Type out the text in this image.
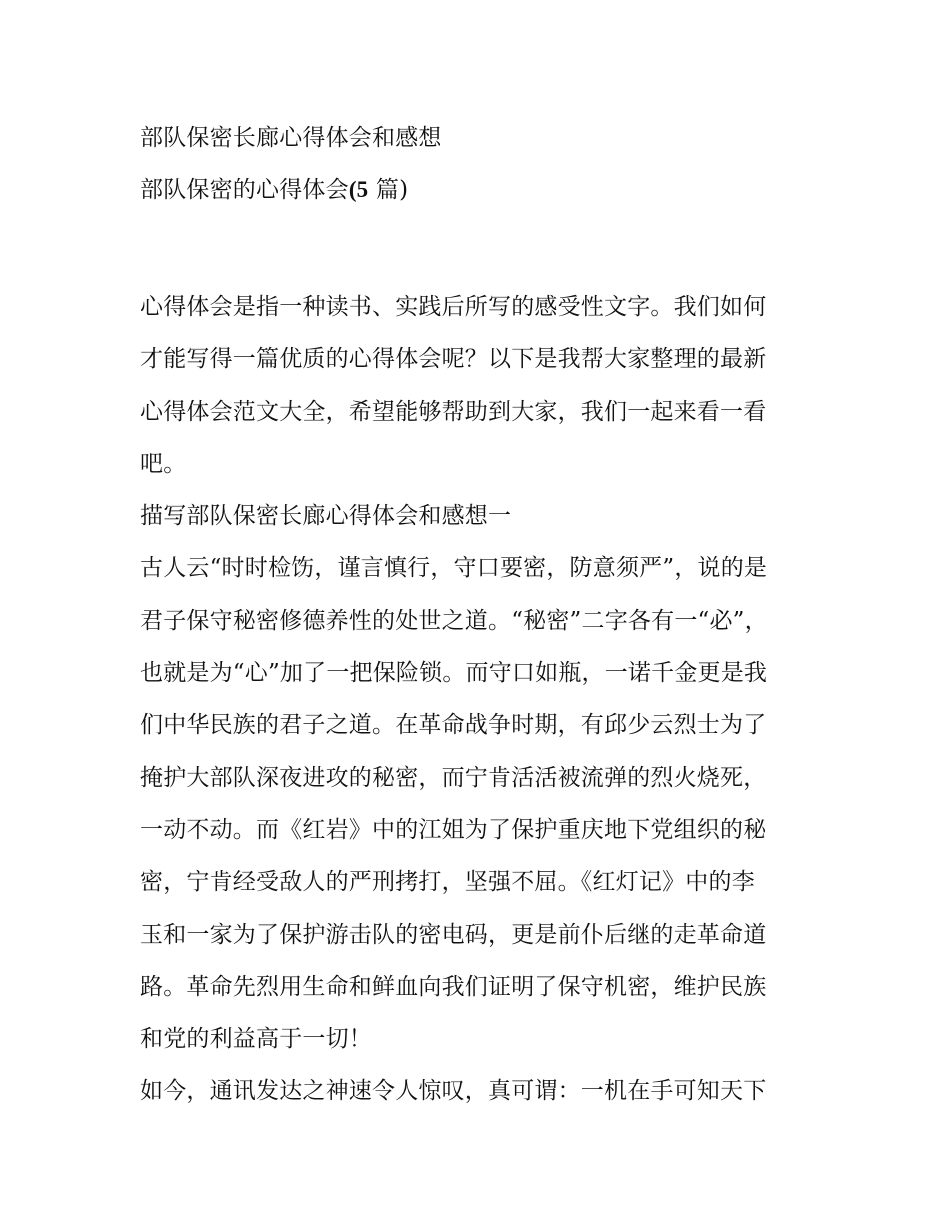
部队保密长廊心得体会和感想
部队保密的心得体会(5 篇)
心得体会是指一种读书、实践后所写的感受性文字。我们如何
才能写得一篇优质的心得体会呢？以下是我帮大家整理的最新
心得体会范文大全，希望能够帮助到大家，我们一起来看一看
吧。
描写部队保密长廊心得体会和感想一
古人云“时时检饬，谨言慎行，守口要密，防意须严”，说的是
君子保守秘密修德养性的处世之道。“秘密”二字各有一“必”，
也就是为“心”加了一把保险锁。而守口如瓶，一诺千金更是我
们中华民族的君子之道。在革命战争时期，有邱少云烈士为了
掩护大部队深夜进攻的秘密，而宁肯活活被流弹的烈火烧死，
一动不动。而《红岩》中的江姐为了保护重庆地下党组织的秘
密，宁肯经受敌人的严刑拷打，坚强不屈。《红灯记》中的李
玉和一家为了保护游击队的密电码，更是前仆后继的走革命道
路。革命先烈用生命和鲜血向我们证明了保守机密，维护民族
和党的利益高于一切！
如今，通讯发达之神速令人惊叹，真可谓：一机在手可知天下
